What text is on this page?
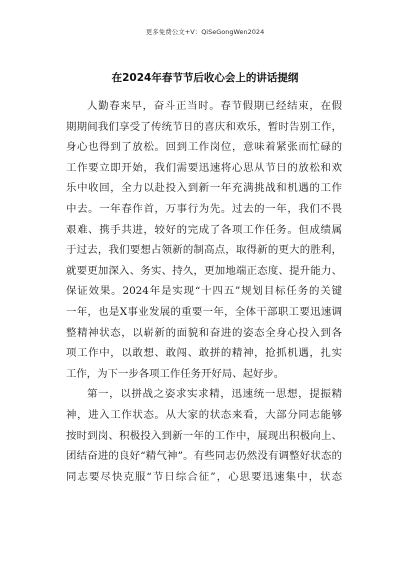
更多免费公文+V：QiSeGongWen2024
在2024年春节节后收心会上的讲话提纲
人勤春来早，奋斗正当时。春节假期已经结束，在假
期期间我们享受了传统节日的喜庆和欢乐，暂时告别工作，
身心也得到了放松。回到工作岗位，意味着紧张而忙碌的
工作要立即开始，我们需要迅速将心思从节日的放松和欢
乐中收回，全力以赴投入到新一年充满挑战和机遇的工作
中去。一年春作首，万事行为先。过去的一年，我们不畏
艰难、携手共进，较好的完成了各项工作任务。但成绩属
于过去，我们要想占领新的制高点，取得新的更大的胜利，
就要更加深入、务实、持久，更加地端正态度、提升能力、
保证效果。2024年是实现“十四五”规划目标任务的关键
一年，也是X事业发展的重要一年，全体干部职工要迅速调
整精神状态，以崭新的面貌和奋进的姿态全身心投入到各
项工作中，以敢想、敢闯、敢拼的精神，抢抓机遇，扎实
工作，为下一步各项工作任务开好局、起好步。
第一，以拼战之姿求实求精，迅速统一思想，提振精
神，进入工作状态。从大家的状态来看，大部分同志能够
按时到岗、积极投入到新一年的工作中，展现出积极向上、
团结奋进的良好“精气神”。有些同志仍然没有调整好状态的
同志要尽快克服“节日综合征”，心思要迅速集中，状态
